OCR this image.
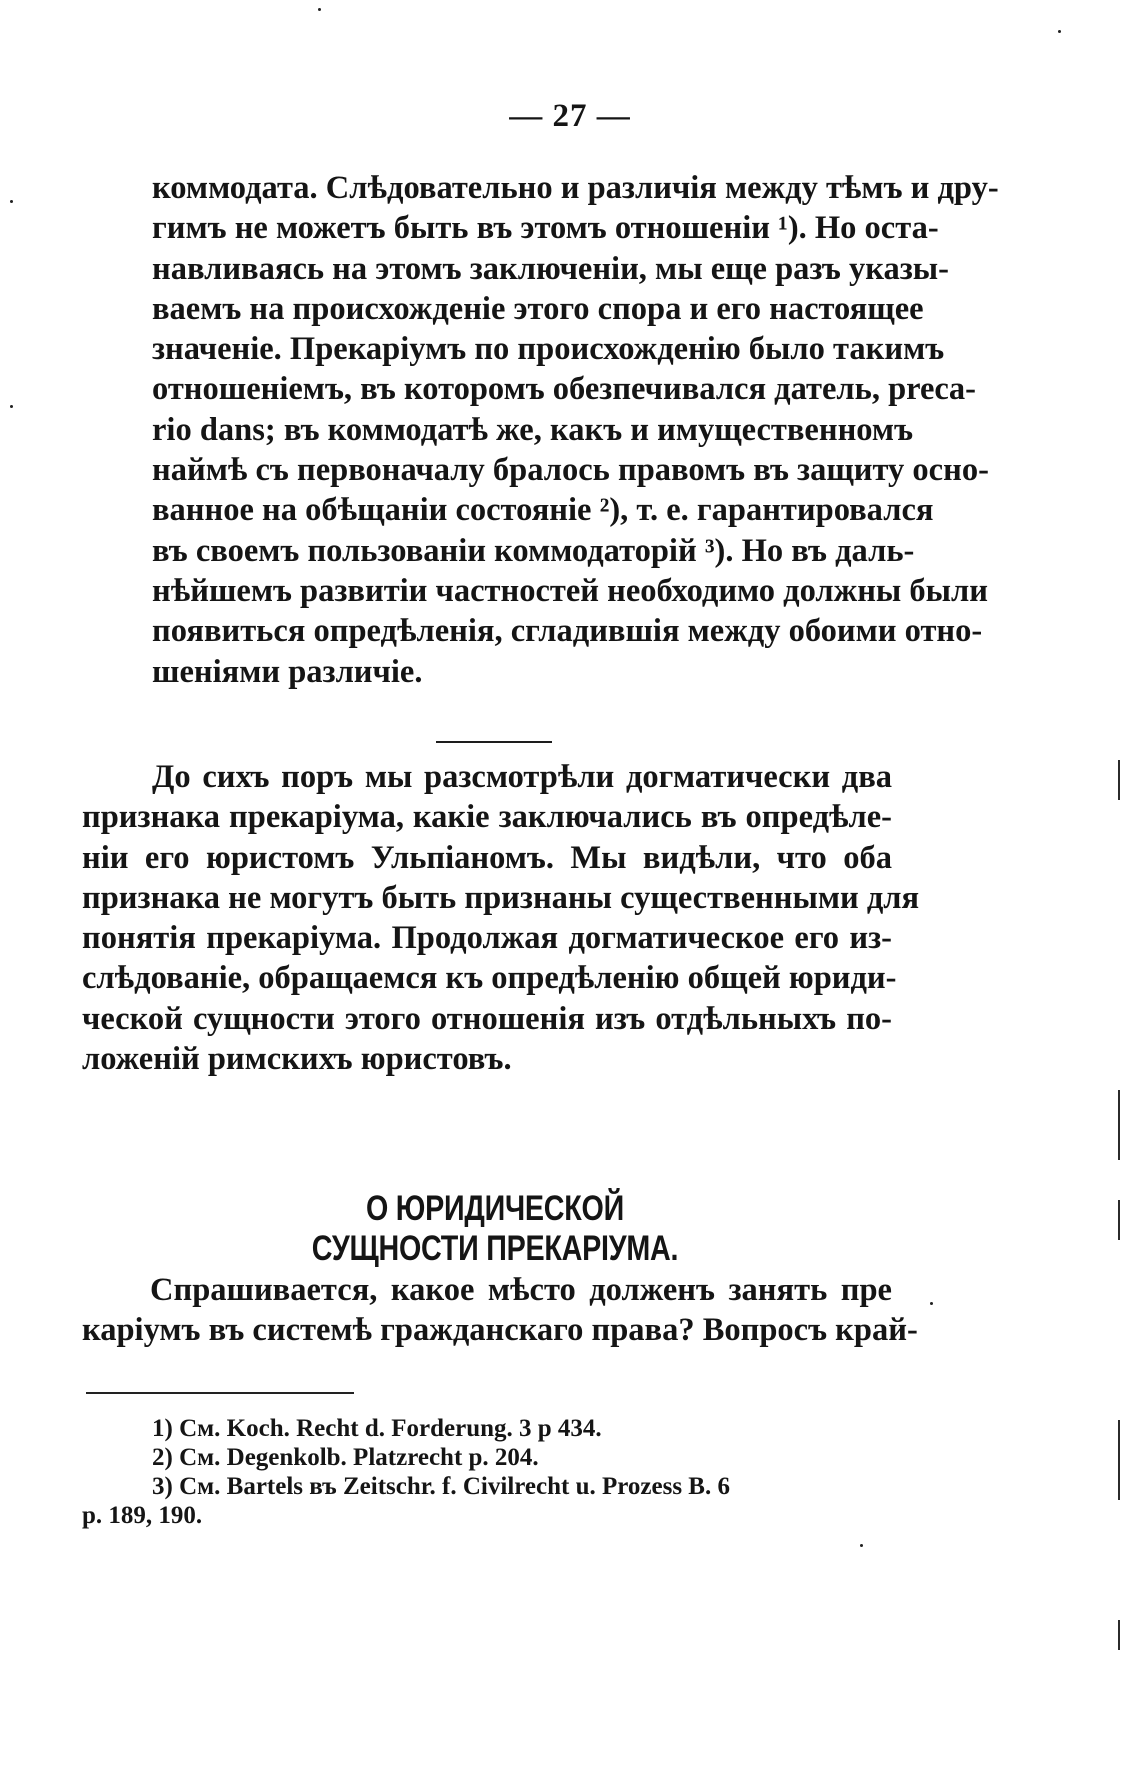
— 27 —
коммодата. Слѣдовательно и различія между тѣмъ и дру-
гимъ не можетъ быть въ этомъ отношеніи ¹). Но оста-
навливаясь на этомъ заключеніи, мы еще разъ указы-
ваемъ на происхожденіе этого спора и его настоящее
значеніе. Прекаріумъ по происхожденію было такимъ
отношеніемъ, въ которомъ обезпечивался датель, preca-
rio dans; въ коммодатѣ же, какъ и имущественномъ
наймѣ съ первоначалу бралось правомъ въ защиту осно-
ванное на обѣщаніи состояніе ²), т. е. гарантировался
въ своемъ пользованіи коммодаторій ³). Но въ даль-
нѣйшемъ развитіи частностей необходимо должны были
появиться опредѣленія, сгладившія между обоими отно-
шеніями различіе.
До сихъ поръ мы разсмотрѣли догматически два
признака прекаріума, какіе заключались въ опредѣле-
ніи его юристомъ Ульпіаномъ. Мы видѣли, что оба
признака не могутъ быть признаны существенными для
понятія прекаріума. Продолжая догматическое его из-
слѣдованіе, обращаемся къ опредѣленію общей юриди-
ческой сущности этого отношенія изъ отдѣльныхъ по-
ложеній римскихъ юристовъ.
О ЮРИДИЧЕСКОЙ СУЩНОСТИ ПРЕКАРІУМА.
Спрашивается, какое мѣсто долженъ занять пре
каріумъ въ системѣ гражданскаго права? Вопросъ край-
1) См. Koch. Recht d. Forderung. 3 p 434.
2) См. Degenkolb. Platzrecht p. 204.
3) См. Bartels въ Zeitschr. f. Civilrecht u. Prozess B. 6
p. 189, 190.
